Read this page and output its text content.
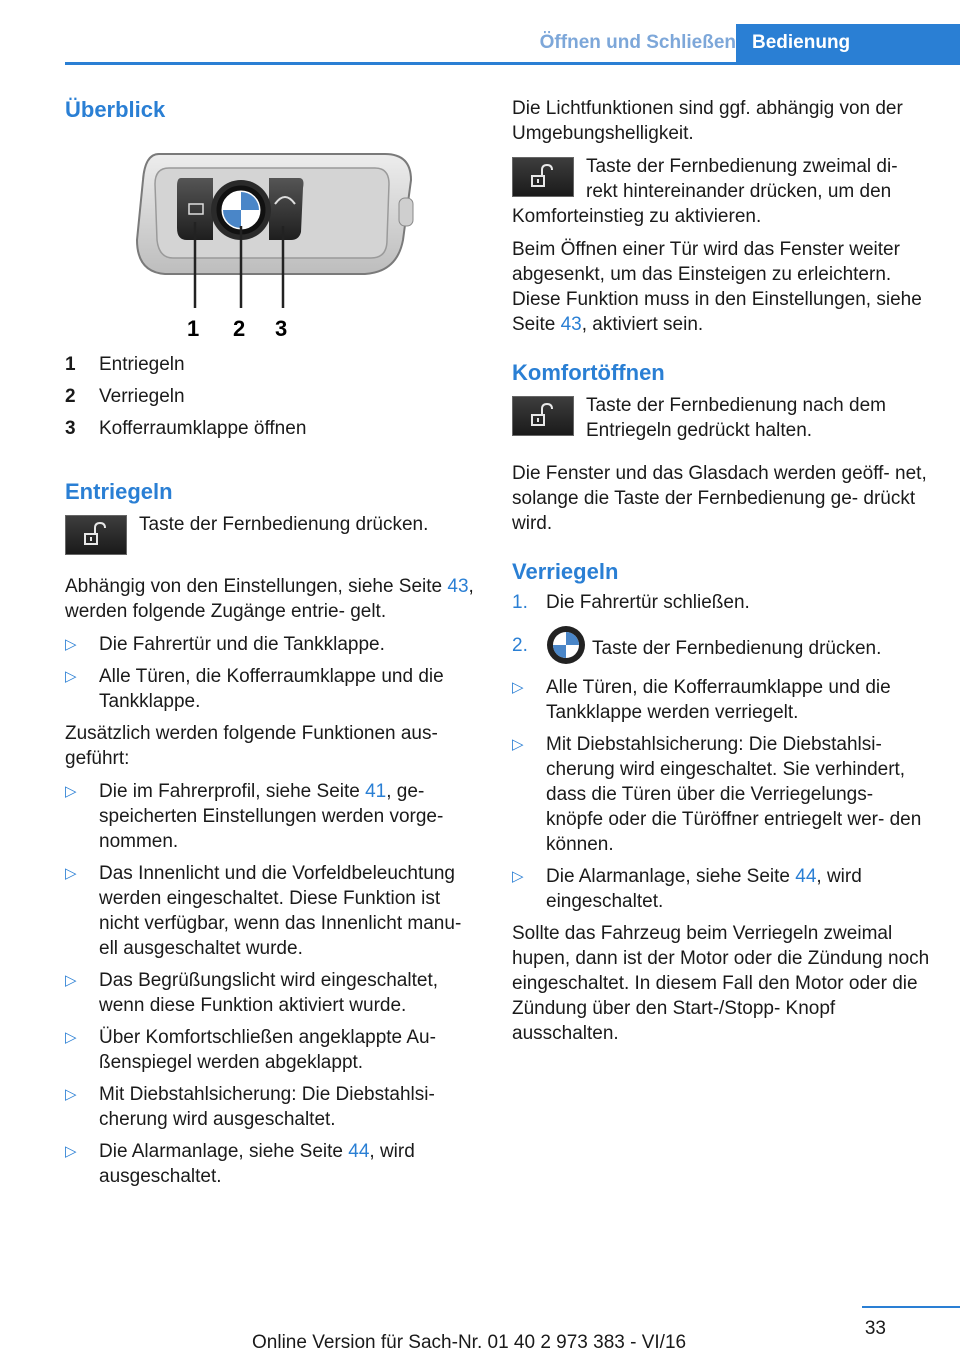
Öffnen und Schließen Bedienung
Überblick
1 2 3
1	Entriegeln
2	Verriegeln
3	Kofferraumklappe öffnen
Entriegeln
Taste der Fernbedienung drücken.

Abhängig von den Einstellungen, siehe Seite 43, werden folgende Zugänge entrie‐ gelt.

▷ Die Fahrertür und die Tankklappe.
▷ Alle Türen, die Kofferraumklappe und die Tankklappe.

Zusätzlich werden folgende Funktionen aus‐ geführt:

▷ Die im Fahrerprofil, siehe Seite 41, ge‐ speicherten Einstellungen werden vorge‐ nommen.
▷ Das Innenlicht und die Vorfeldbeleuchtung werden eingeschaltet. Diese Funktion ist nicht verfügbar, wenn das Innenlicht manu‐ ell ausgeschaltet wurde.
▷ Das Begrüßungslicht wird eingeschaltet, wenn diese Funktion aktiviert wurde.
▷ Über Komfortschließen angeklappte Au‐ ßenspiegel werden abgeklappt.
▷ Mit Diebstahlsicherung: Die Diebstahlsi‐ cherung wird ausgeschaltet.
▷ Die Alarmanlage, siehe Seite 44, wird ausgeschaltet.

Die Lichtfunktionen sind ggf. abhängig von der Umgebungshelligkeit.

Taste der Fernbedienung zweimal di‐ rekt hintereinander drücken, um den Komforteinstieg zu aktivieren.

Beim Öffnen einer Tür wird das Fenster weiter abgesenkt, um das Einsteigen zu erleichtern. Diese Funktion muss in den Einstellungen, siehe Seite 43, aktiviert sein.

Komfortöffnen
Taste der Fernbedienung nach dem Entriegeln gedrückt halten.

Die Fenster und das Glasdach werden geöff‐ net, solange die Taste der Fernbedienung ge‐ drückt wird.

Verriegeln
1. Die Fahrertür schließen.
2.	Taste der Fernbedienung drücken.
▷ Alle Türen, die Kofferraumklappe und die Tankklappe werden verriegelt.
▷ Mit Diebstahlsicherung: Die Diebstahlsi‐ cherung wird eingeschaltet. Sie verhindert, dass die Türen über die Verriegelungs‐ knöpfe oder die Türöffner entriegelt wer‐ den können.
▷ Die Alarmanlage, siehe Seite 44, wird eingeschaltet.

Sollte das Fahrzeug beim Verriegeln zweimal hupen, dann ist der Motor oder die Zündung noch eingeschaltet. In diesem Fall den Motor oder die Zündung über den Start-/Stopp- Knopf ausschalten.

33
Online Version für Sach-Nr. 01 40 2 973 383 - VI/16
